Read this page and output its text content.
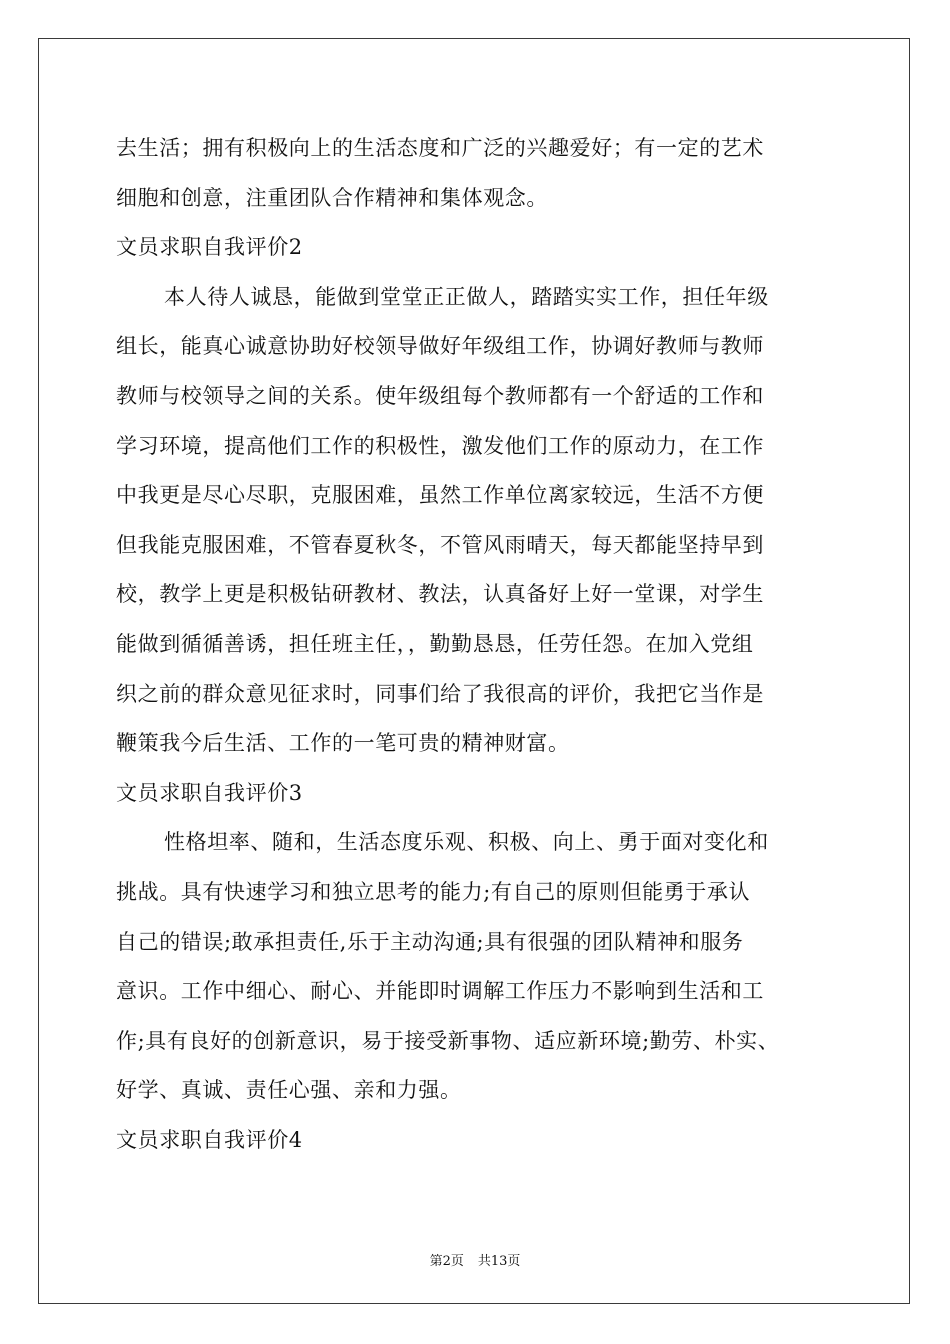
去生活；拥有积极向上的生活态度和广泛的兴趣爱好；有一定的艺术
细胞和创意，注重团队合作精神和集体观念。
文员求职自我评价2
本人待人诚恳，能做到堂堂正正做人，踏踏实实工作，担任年级
组长，能真心诚意协助好校领导做好年级组工作，协调好教师与教师
教师与校领导之间的关系。使年级组每个教师都有一个舒适的工作和
学习环境，提高他们工作的积极性，激发他们工作的原动力，在工作
中我更是尽心尽职，克服困难，虽然工作单位离家较远，生活不方便
但我能克服困难，不管春夏秋冬，不管风雨晴天，每天都能坚持早到
校，教学上更是积极钻研教材、教法，认真备好上好一堂课，对学生
能做到循循善诱，担任班主任，，勤勤恳恳，任劳任怨。在加入党组
织之前的群众意见征求时，同事们给了我很高的评价，我把它当作是
鞭策我今后生活、工作的一笔可贵的精神财富。
文员求职自我评价3
性格坦率、随和，生活态度乐观、积极、向上、勇于面对变化和
挑战。具有快速学习和独立思考的能力;有自己的原则但能勇于承认
自己的错误;敢承担责任,乐于主动沟通;具有很强的团队精神和服务
意识。工作中细心、耐心、并能即时调解工作压力不影响到生活和工
作;具有良好的创新意识，易于接受新事物、适应新环境;勤劳、朴实、
好学、真诚、责任心强、亲和力强。
文员求职自我评价4
第2页 共13页
